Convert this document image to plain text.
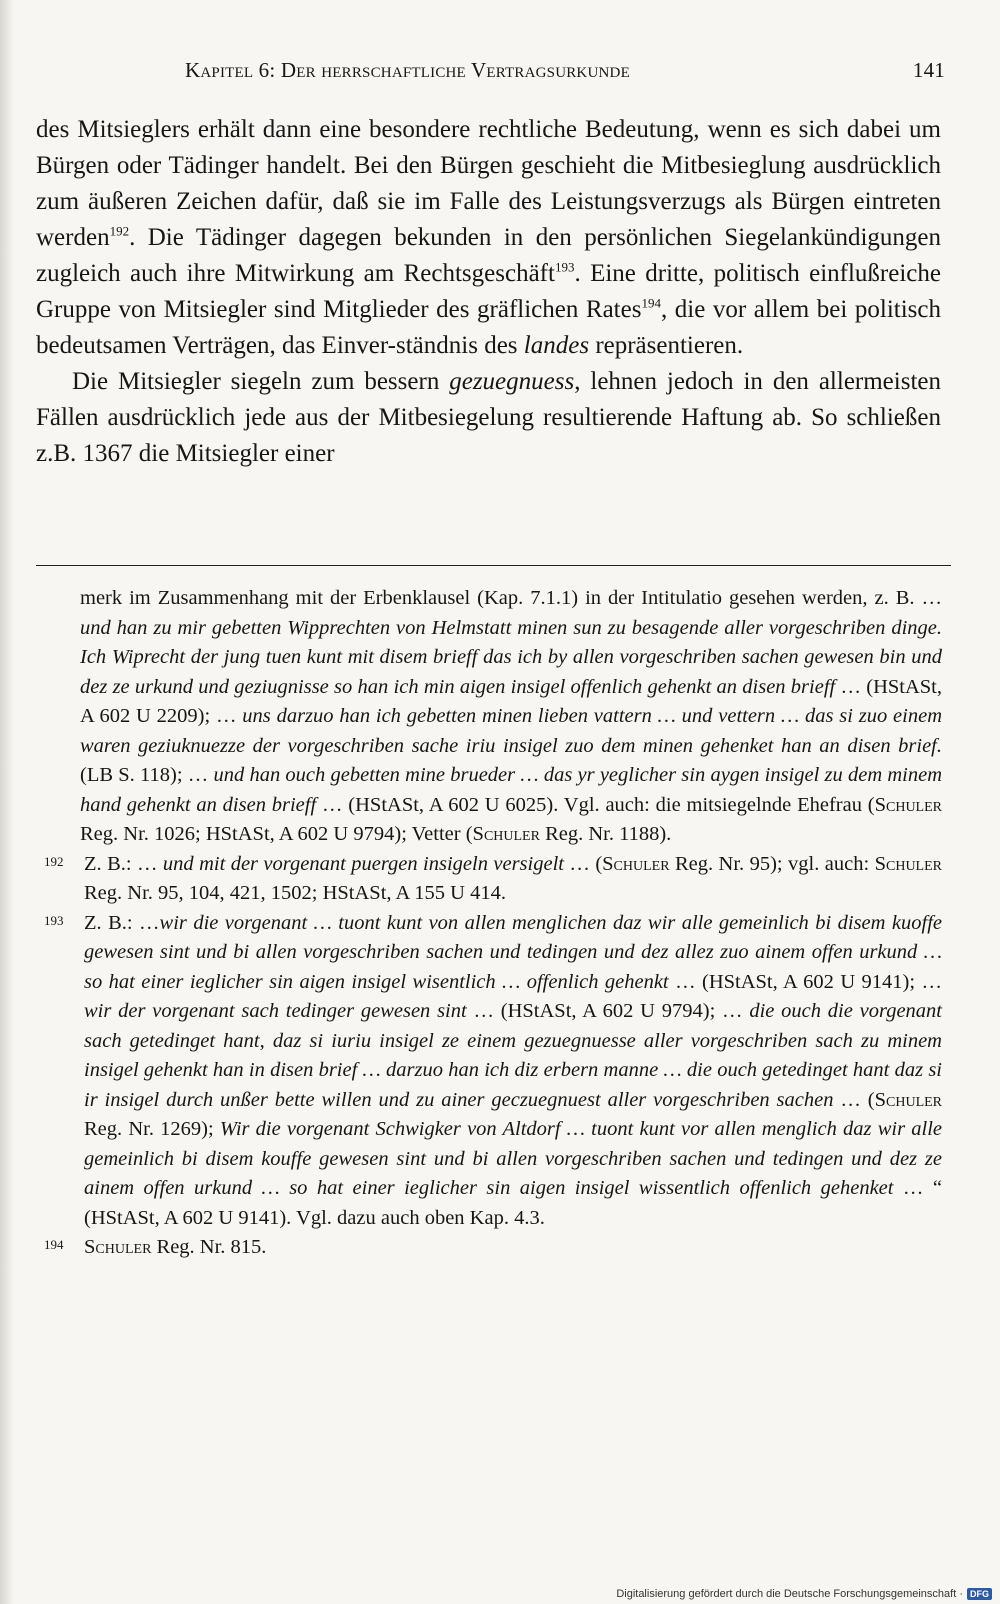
Kapitel 6: Der herrschaftliche Vertragsurkunde	141

des Mitsieglers erhält dann eine besondere rechtliche Bedeutung, wenn es sich dabei um Bürgen oder Tädinger handelt. Bei den Bürgen geschieht die Mitbesieglung ausdrücklich zum äußeren Zeichen dafür, daß sie im Falle des Leistungsverzugs als Bürgen eintreten werden$^{192}$. Die Tädinger dagegen bekunden in den persönlichen Siegelankündigungen zugleich auch ihre Mitwirkung am Rechtsgeschäft$^{193}$. Eine dritte, politisch einflußreiche Gruppe von Mitsiegler sind Mitglieder des gräflichen Rates$^{194}$, die vor allem bei politisch bedeutsamen Verträgen, das Einver-ständnis des landes repräsentieren.

Die Mitsiegler siegeln zum bessern gezuegnuess, lehnen jedoch in den allermeisten Fällen ausdrücklich jede aus der Mitbesiegelung resultierende Haftung ab. So schließen z.B. 1367 die Mitsiegler einer

merk im Zusammenhang mit der Erbenklausel (Kap. 7.1.1) in der Intitulatio gesehen werden, z. B. … und han zu mir gebetten Wipprechten von Helmstatt minen sun zu besagende aller vorgeschriben dinge. Ich Wiprecht der jung tuen kunt mit disem brieff das ich by allen vorgeschriben sachen gewesen bin und dez ze urkund und geziugnisse so han ich min aigen insigel offenlich gehenkt an disen brieff … (HStASt, A 602 U 2209); … uns darzuo han ich gebetten minen lieben vattern … und vettern … das si zuo einem waren geziuknuezze der vorgeschriben sache iriu insigel zuo dem minen gehenket han an disen brief. (LB S. 118); … und han ouch gebetten mine brueder … das yr yeglicher sin aygen insigel zu dem minem hand gehenkt an disen brieff … (HStASt, A 602 U 6025). Vgl. auch: die mitsiegelnde Ehefrau (Schuler Reg. Nr. 1026; HStASt, A 602 U 9794); Vetter (Schuler Reg. Nr. 1188).

192	Z. B.: … und mit der vorgenant puergen insigeln versigelt … (Schuler Reg. Nr. 95); vgl. auch: Schuler Reg. Nr. 95, 104, 421, 1502; HStASt, A 155 U 414.
193	Z. B.: …wir die vorgenant … tuont kunt von allen menglichen daz wir alle gemeinlich bi disem kuoffe gewesen sint und bi allen vorgeschriben sachen und tedingen und dez allez zuo ainem offen urkund … so hat einer ieglicher sin aigen insigel wisentlich … offenlich gehenkt … (HStASt, A 602 U 9141); … wir der vorgenant sach tedinger gewesen sint … (HStASt, A 602 U 9794); … die ouch die vorgenant sach getedinget hant, daz si iuriu insigel ze einem gezuegnuesse aller vorgeschriben sach zu minem insigel gehenkt han in disen brief … darzuo han ich diz erbern manne … die ouch getedinget hant daz si ir insigel durch unßer bette willen und zu ainer geczuegnuest aller vorgeschriben sachen … (Schuler Reg. Nr. 1269); Wir die vorgenant Schwigker von Altdorf … tuont kunt vor allen menglich daz wir alle gemeinlich bi disem kouffe gewesen sint und bi allen vorgeschriben sachen und tedingen und dez ze ainem offen urkund … so hat einer ieglicher sin aigen insigel wissentlich offenlich gehenket … “ (HStASt, A 602 U 9141). Vgl. dazu auch oben Kap. 4.3.
194	Schuler Reg. Nr. 815.
Digitalisierung gefördert durch die Deutsche Forschungsgemeinschaft · DFG
